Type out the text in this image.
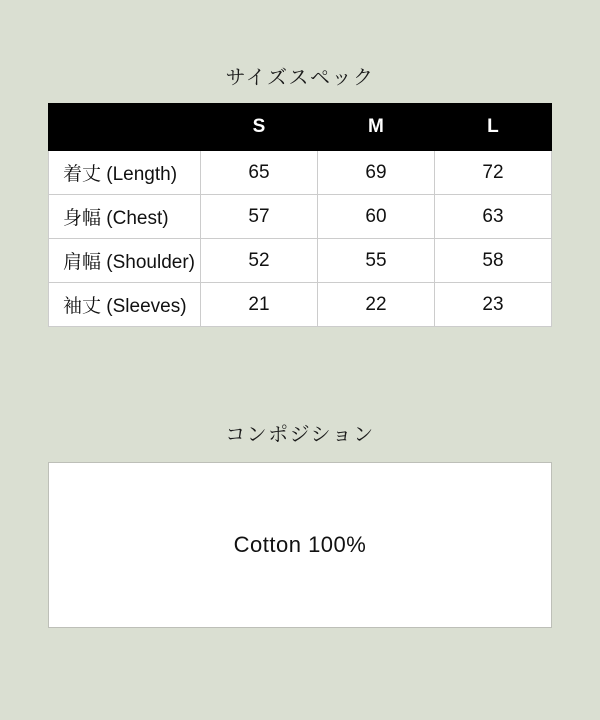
サイズスペック
	S	M	L
着丈 (Length)	65	69	72
身幅 (Chest)	57	60	63
肩幅 (Shoulder)	52	55	58
袖丈 (Sleeves)	21	22	23
コンポジション
Cotton 100%
